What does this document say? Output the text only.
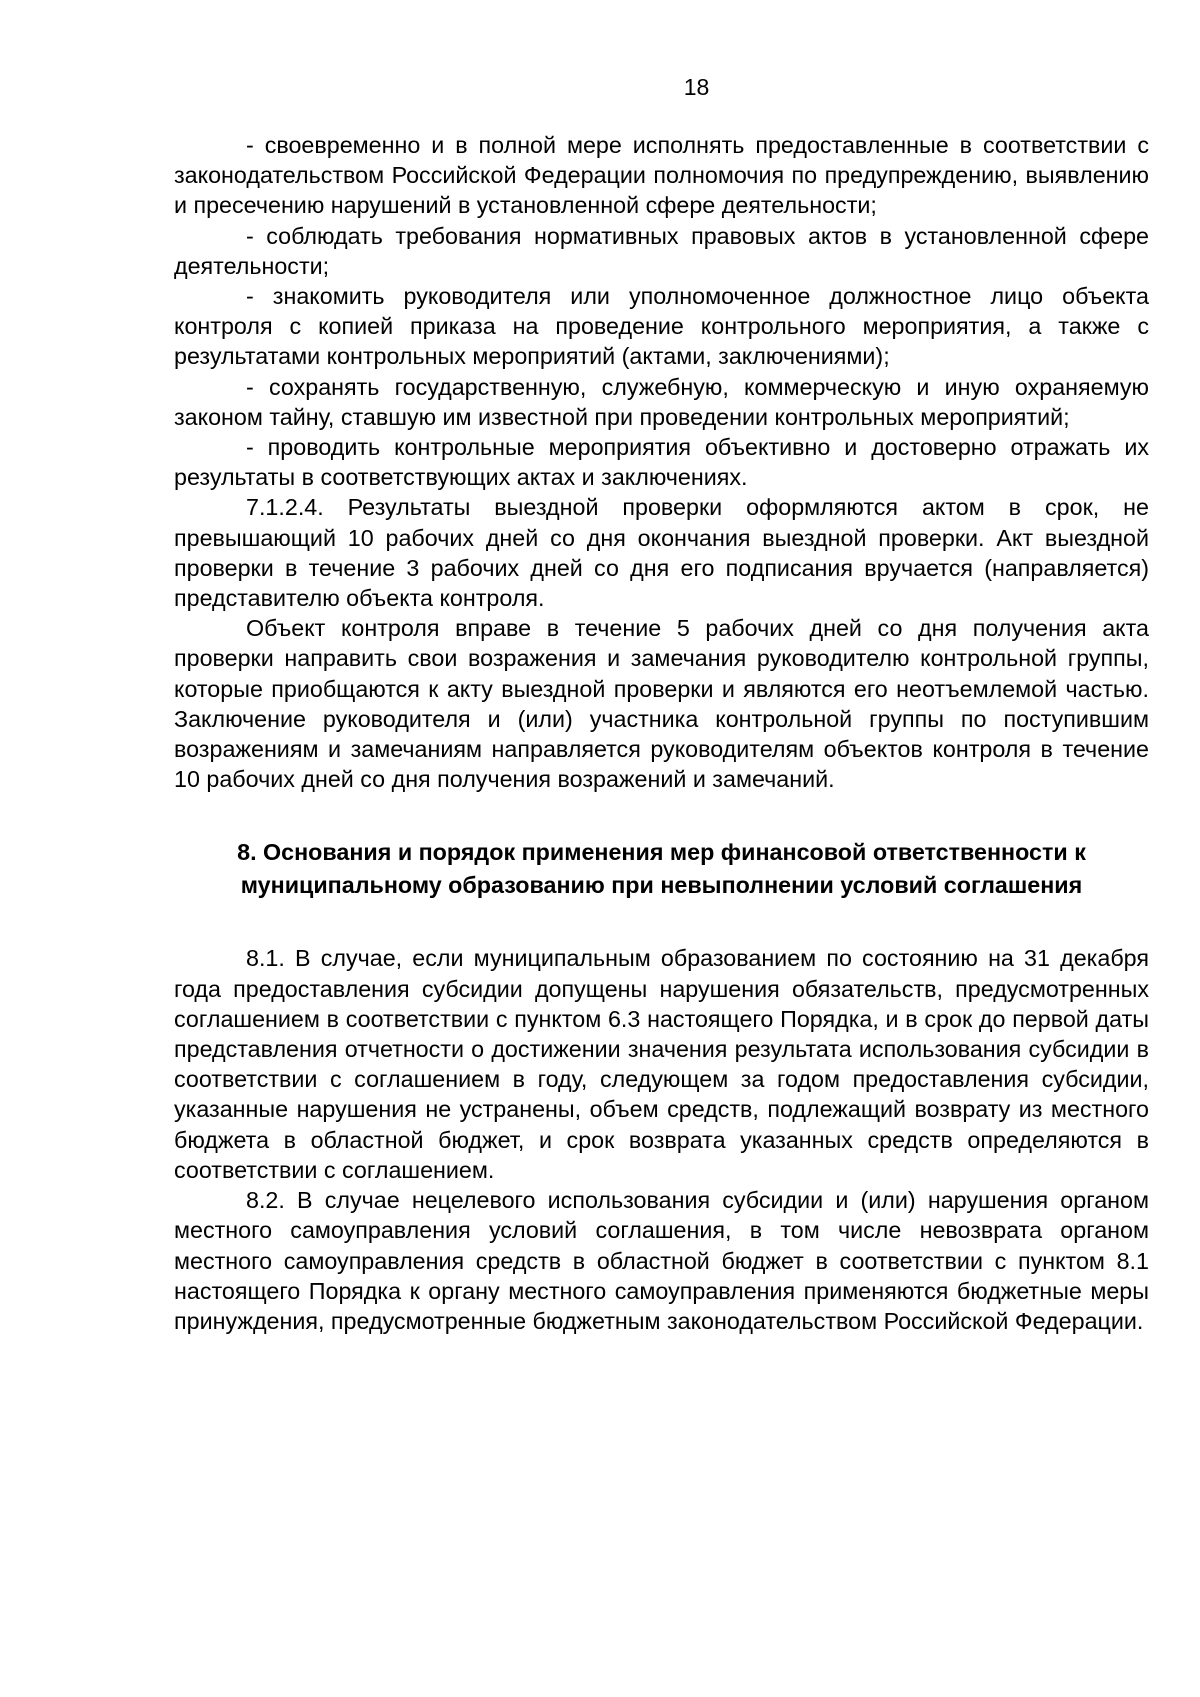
18

- своевременно и в полной мере исполнять предоставленные в соответствии с законодательством Российской Федерации полномочия по предупреждению, выявлению и пресечению нарушений в установленной сфере деятельности;

- соблюдать требования нормативных правовых актов в установленной сфере деятельности;

- знакомить руководителя или уполномоченное должностное лицо объекта контроля с копией приказа на проведение контрольного мероприятия, а также с результатами контрольных мероприятий (актами, заключениями);

- сохранять государственную, служебную, коммерческую и иную охраняемую законом тайну, ставшую им известной при проведении контрольных мероприятий;

- проводить контрольные мероприятия объективно и достоверно отражать их результаты в соответствующих актах и заключениях.

7.1.2.4. Результаты выездной проверки оформляются актом в срок, не превышающий 10 рабочих дней со дня окончания выездной проверки. Акт выездной проверки в течение 3 рабочих дней со дня его подписания вручается (направляется) представителю объекта контроля.

Объект контроля вправе в течение 5 рабочих дней со дня получения акта проверки направить свои возражения и замечания руководителю контрольной группы, которые приобщаются к акту выездной проверки и являются его неотъемлемой частью. Заключение руководителя и (или) участника контрольной группы по поступившим возражениям и замечаниям направляется руководителям объектов контроля в течение 10 рабочих дней со дня получения возражений и замечаний.

8. Основания и порядок применения мер финансовой ответственности к муниципальному образованию при невыполнении условий соглашения

8.1. В случае, если муниципальным образованием по состоянию на 31 декабря года предоставления субсидии допущены нарушения обязательств, предусмотренных соглашением в соответствии с пунктом 6.3 настоящего Порядка, и в срок до первой даты представления отчетности о достижении значения результата использования субсидии в соответствии с соглашением в году, следующем за годом предоставления субсидии, указанные нарушения не устранены, объем средств, подлежащий возврату из местного бюджета в областной бюджет, и срок возврата указанных средств определяются в соответствии с соглашением.

8.2. В случае нецелевого использования субсидии и (или) нарушения органом местного самоуправления условий соглашения, в том числе невозврата органом местного самоуправления средств в областной бюджет в соответствии с пунктом 8.1 настоящего Порядка к органу местного самоуправления применяются бюджетные меры принуждения, предусмотренные бюджетным законодательством Российской Федерации.
